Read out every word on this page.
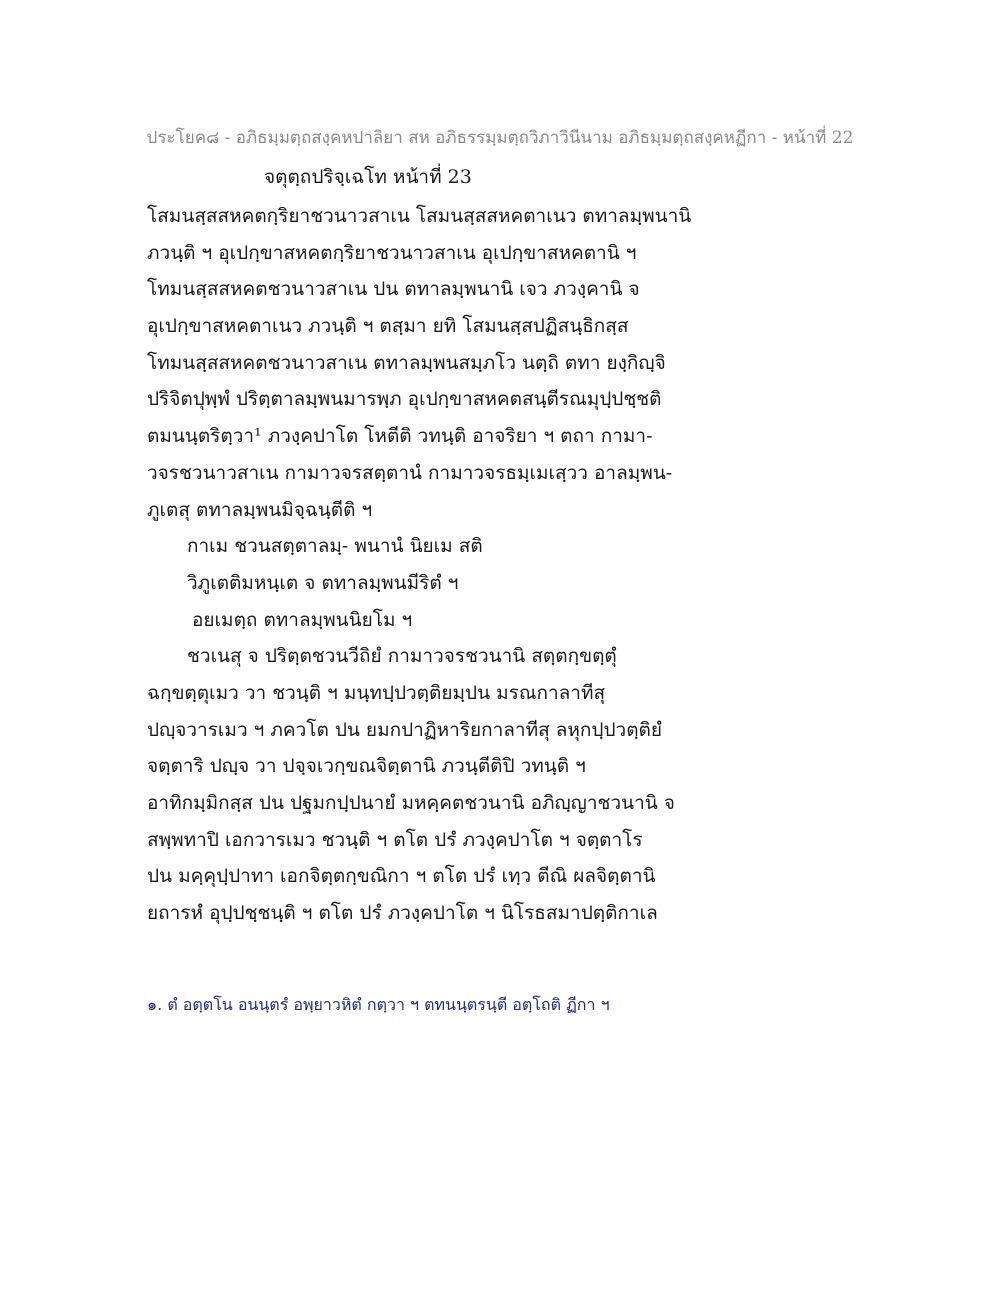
ประโยค๘ - อภิธมฺมตฺถสงฺคหปาลิยา สห อภิธรรมฺมตฺถวิภาวินีนาม อภิธมฺมตฺถสงฺคหฏีกา - หน้าที่ 22
จตุตฺถปริจฺเฉโท หน้าที่ 23
โสมนสฺสสหคตกฺริยาชวนาวสาเน โสมนสฺสสหคตาเนว ตทาลมฺพนานิ
ภวนฺติ ฯ อุเปกฺขาสหคตกฺริยาชวนาวสาเน อุเปกฺขาสหคตานิ ฯ
โทมนสฺสสหคตชวนาวสาเน ปน ตทาลมฺพนานิ เจว ภวงฺคานิ จ
อุเปกฺขาสหคตาเนว ภวนฺติ ฯ ตสฺมา ยทิ โสมนสฺสปฏิสนฺธิกสฺส
โทมนสฺสสหคตชวนาวสาเน ตทาลมฺพนสมฺภโว นตฺถิ ตทา ยงฺกิญฺจิ
ปริจิตปุพฺพํ ปริตฺตาลมฺพนมารพฺภ อุเปกฺขาสหคตสนฺตีรณมุปฺปชฺชติ
ตมนนฺตริตฺวา¹ ภวงฺคปาโต โหตีติ วทนฺติ อาจริยา ฯ ตถา กามา-
วจรชวนาวสาเน กามาวจรสตฺตานํ กามาวจรธมฺเมเสฺวว อาลมฺพน-
ภูเตสุ ตทาลมฺพนมิจฺฉนฺตีติ ฯ
กาเม ชวนสตฺตาลมฺ- พนานํ นิยเม สติ
วิภูเตติมหนฺเต จ ตทาลมฺพนมีริตํ ฯ
อยเมตฺถ ตทาลมฺพนนิยโม ฯ
ชวเนสุ จ ปริตฺตชวนวีถิยํ กามาวจรชวนานิ สตฺตกฺขตฺตุํ
ฉกฺขตฺตุเมว วา ชวนฺติ ฯ มนฺทปฺปวตฺติยมฺปน มรณกาลาทีสุ
ปญฺจวารเมว ฯ ภควโต ปน ยมกปาฏิหาริยกาลาทีสุ ลหุกปฺปวตฺติยํ
จตฺตาริ ปญฺจ วา ปจฺจเวกฺขณจิตฺตานิ ภวนฺตีติปิ วทนฺติ ฯ
อาทิกมฺมิกสฺส ปน ปฐมกปฺปนายํ มหคฺคตชวนานิ อภิญฺญาชวนานิ จ
สพฺพทาปิ เอกวารเมว ชวนฺติ ฯ ตโต ปรํ ภวงฺคปาโต ฯ จตฺตาโร
ปน มคฺคุปฺปาทา เอกจิตฺตกฺขณิกา ฯ ตโต ปรํ เทฺว ตีณิ ผลจิตฺตานิ
ยถารหํ อุปฺปชฺชนฺติ ฯ ตโต ปรํ ภวงฺคปาโต ฯ นิโรธสมาปตฺติกาเล
๑. ตํ อตฺตโน อนนฺตรํ อพฺยาวหิตํ กตฺวา ฯ ตทนนฺตรนฺตี อตฺโถติ ฏีกา ฯ
